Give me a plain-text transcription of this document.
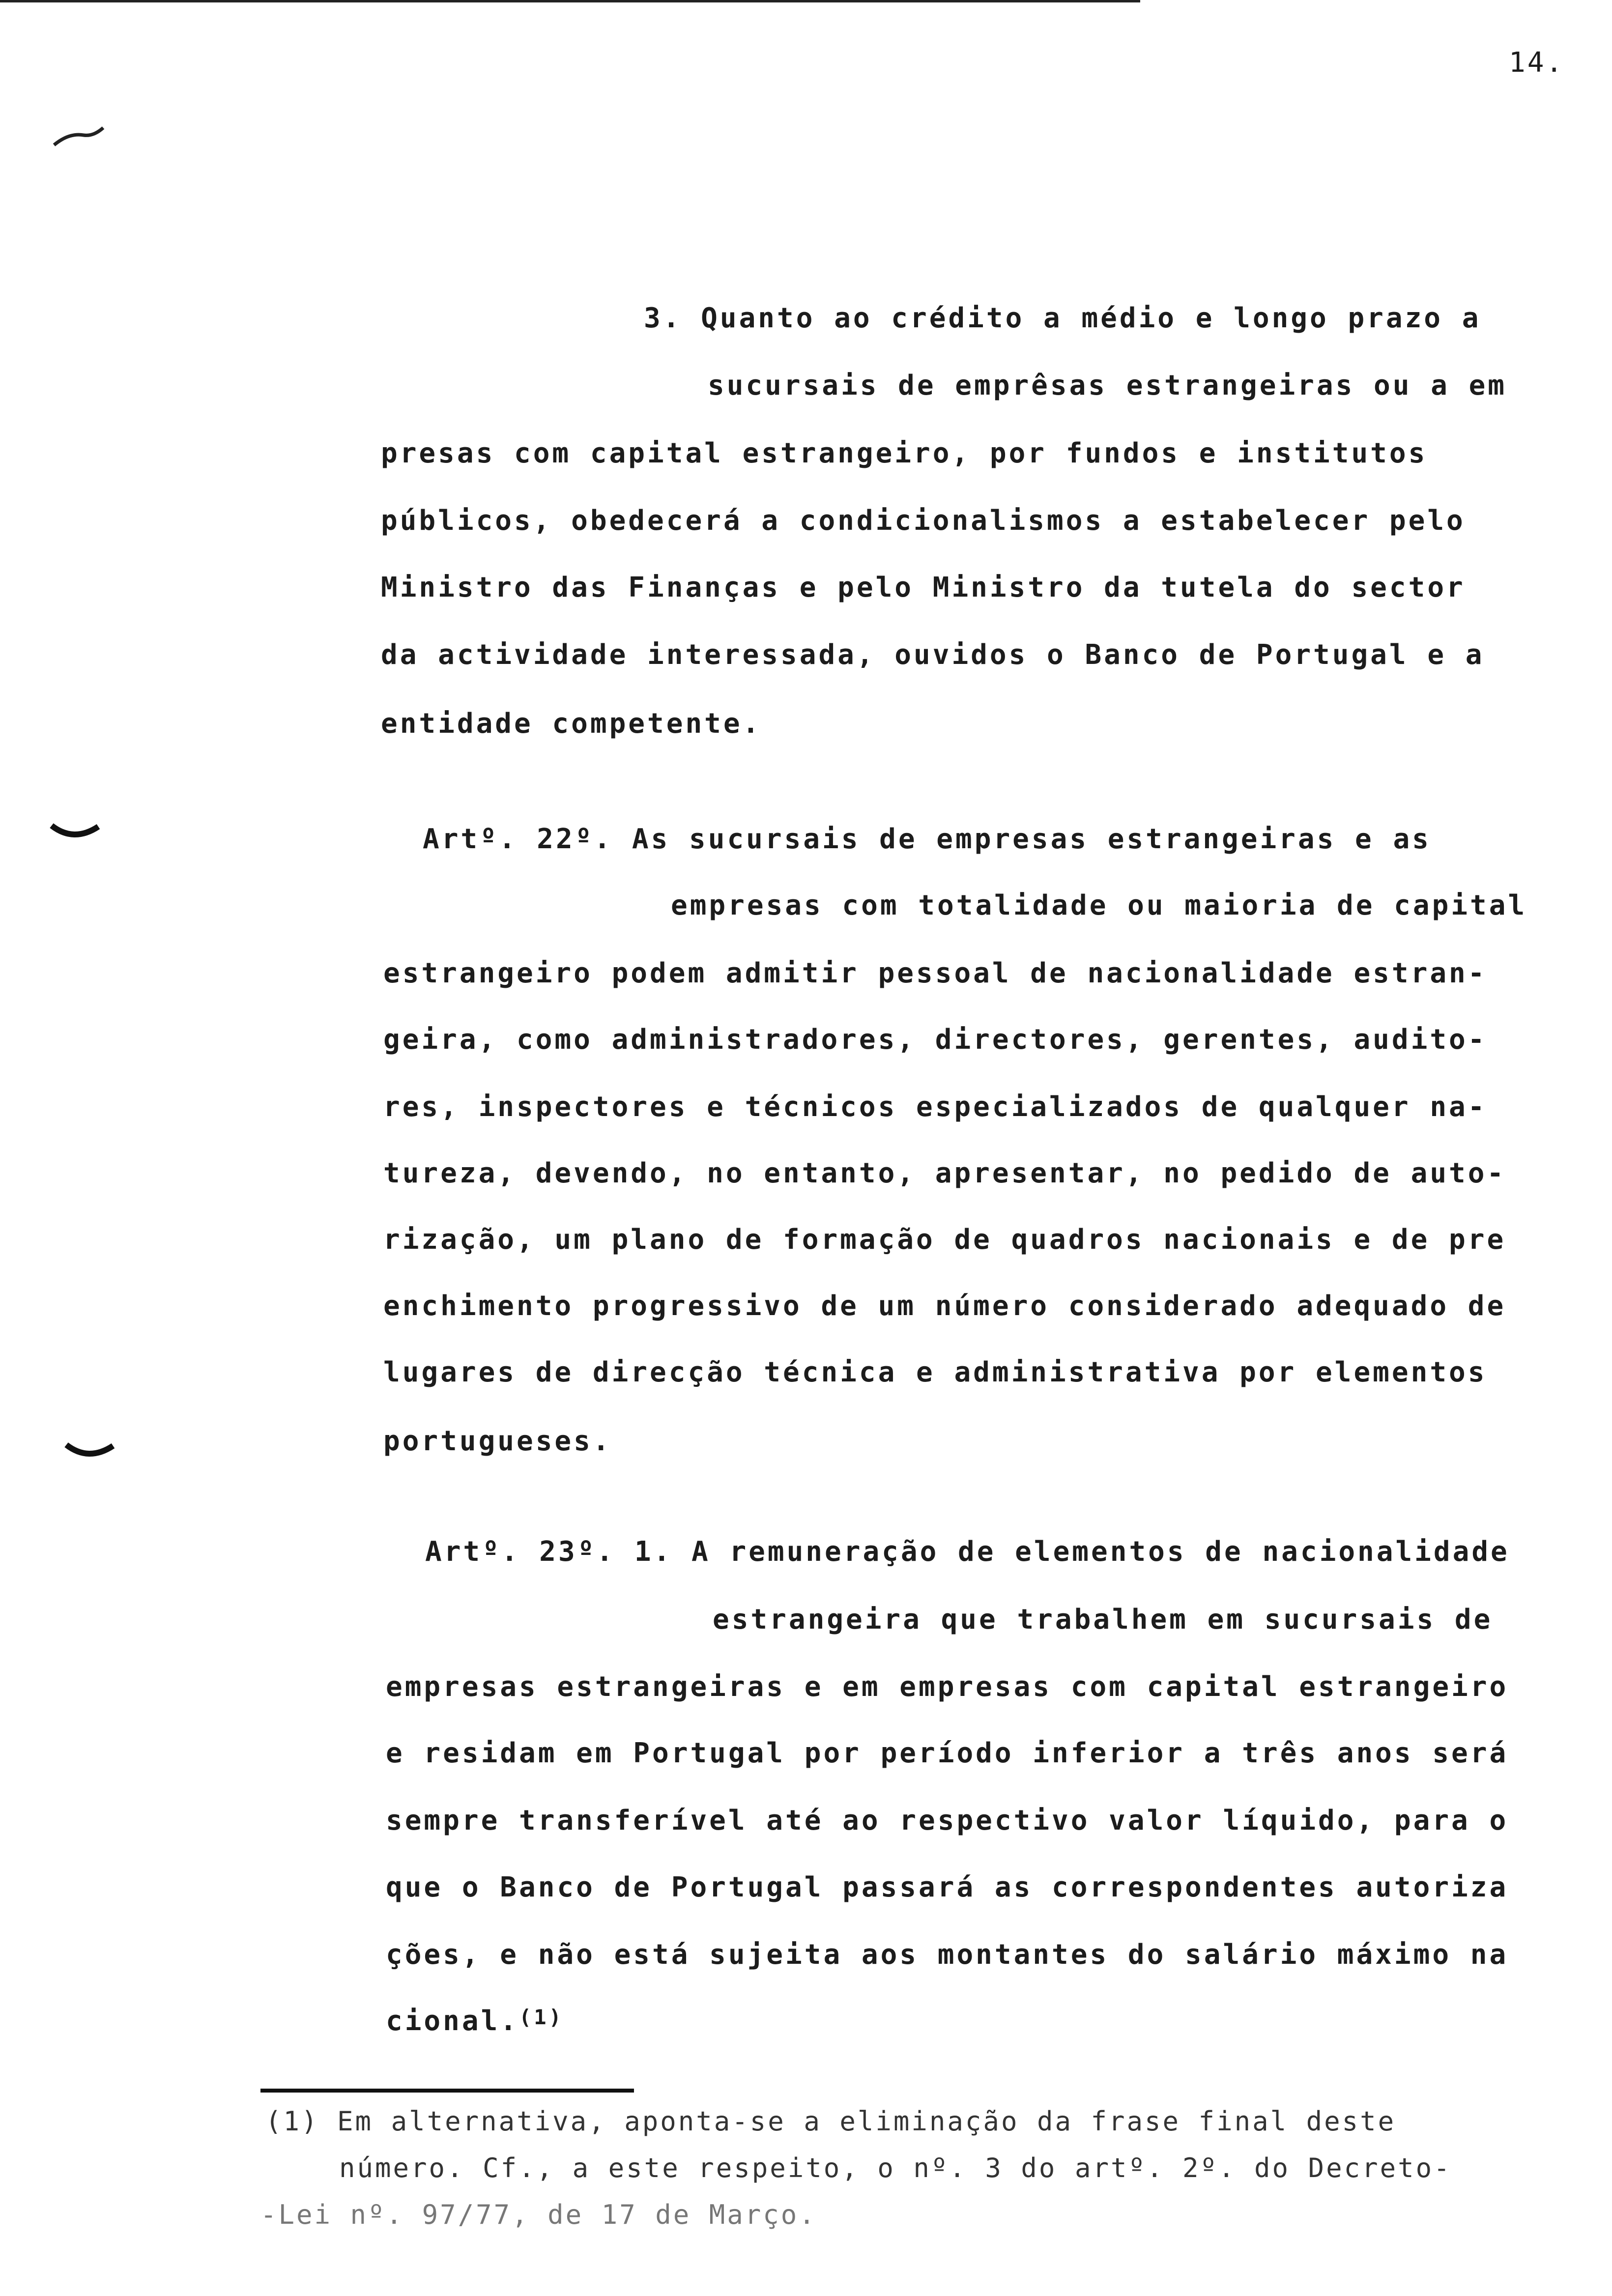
14.
3. Quanto ao crédito a médio e longo prazo a
sucursais de emprêsas estrangeiras ou a em
presas com capital estrangeiro, por fundos e institutos
públicos, obedecerá a condicionalismos a estabelecer pelo
Ministro das Finanças e pelo Ministro da tutela do sector
da actividade interessada, ouvidos o Banco de Portugal e a
entidade competente.
Artº. 22º. As sucursais de empresas estrangeiras e as
empresas com totalidade ou maioria de capital
estrangeiro podem admitir pessoal de nacionalidade estran-
geira, como administradores, directores, gerentes, audito-
res, inspectores e técnicos especializados de qualquer na-
tureza, devendo, no entanto, apresentar, no pedido de auto-
rização, um plano de formação de quadros nacionais e de pre
enchimento progressivo de um número considerado adequado de
lugares de direcção técnica e administrativa por elementos
portugueses.
Artº. 23º. 1. A remuneração de elementos de nacionalidade
estrangeira que trabalhem em sucursais de
empresas estrangeiras e em empresas com capital estrangeiro
e residam em Portugal por período inferior a três anos será
sempre transferível até ao respectivo valor líquido, para o
que o Banco de Portugal passará as correspondentes autoriza
ções, e não está sujeita aos montantes do salário máximo na
cional.$^{(1)}$
(1) Em alternativa, aponta-se a eliminação da frase final deste
número. Cf., a este respeito, o nº. 3 do artº. 2º. do Decreto-
-Lei nº. 97/77, de 17 de Março.
